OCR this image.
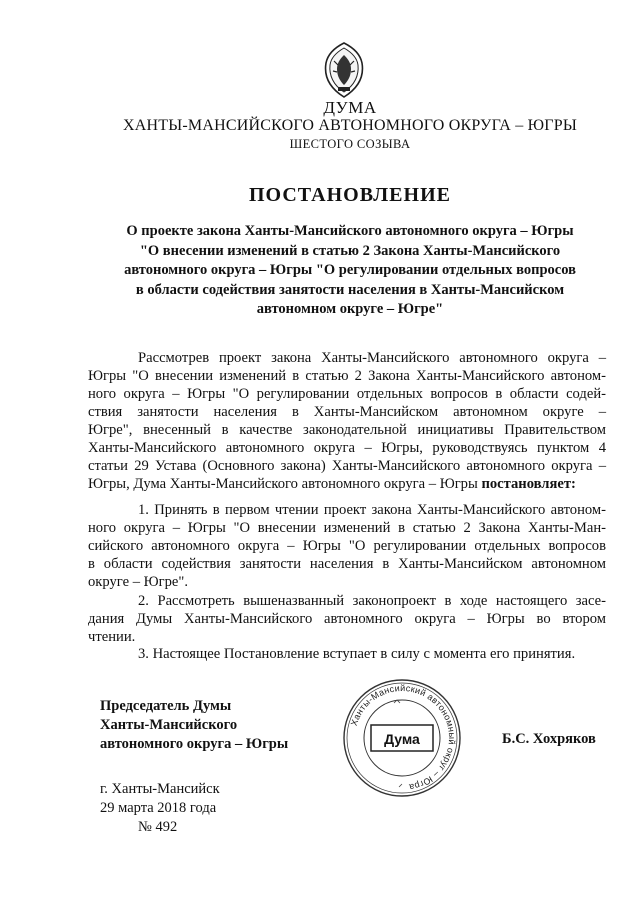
ДУМА
ХАНТЫ-МАНСИЙСКОГО АВТОНОМНОГО ОКРУГА – ЮГРЫ
ШЕСТОГО СОЗЫВА
ПОСТАНОВЛЕНИЕ
О проекте закона Ханты-Мансийского автономного округа – Югры
"О внесении изменений в статью 2 Закона Ханты-Мансийского
автономного округа – Югры "О регулировании отдельных вопросов
в области содействия занятости населения в Ханты-Мансийском
автономном округе – Югре"
Рассмотрев проект закона Ханты-Мансийского автономного округа –
Югры "О внесении изменений в статью 2 Закона Ханты-Мансийского автоном-
ного округа – Югры "О регулировании отдельных вопросов в области содей-
ствия занятости населения в Ханты-Мансийском автономном округе –
Югре", внесенный в качестве законодательной инициативы Правительством
Ханты-Мансийского автономного округа – Югры, руководствуясь пунктом 4
статьи 29 Устава (Основного закона) Ханты-Мансийского автономного округа –
Югры, Дума Ханты-Мансийского автономного округа – Югры постановляет:
1. Принять в первом чтении проект закона Ханты-Мансийского автоном-
ного округа – Югры "О внесении изменений в статью 2 Закона Ханты-Ман-
сийского автономного округа – Югры "О регулировании отдельных вопросов
в области содействия занятости населения в Ханты-Мансийском автономном
округе – Югре".
2. Рассмотреть вышеназванный законопроект в ходе настоящего засе-
дания Думы Ханты-Мансийского автономного округа – Югры во втором
чтении.
3. Настоящее Постановление вступает в силу с момента его принятия.
Председатель Думы
Ханты-Мансийского
автономного округа – Югры
Ханты-Мансийский автономный округ – Югра
Дума	Б.С. Хохряков
г. Ханты-Мансийск
29 марта 2018 года
№ 492
